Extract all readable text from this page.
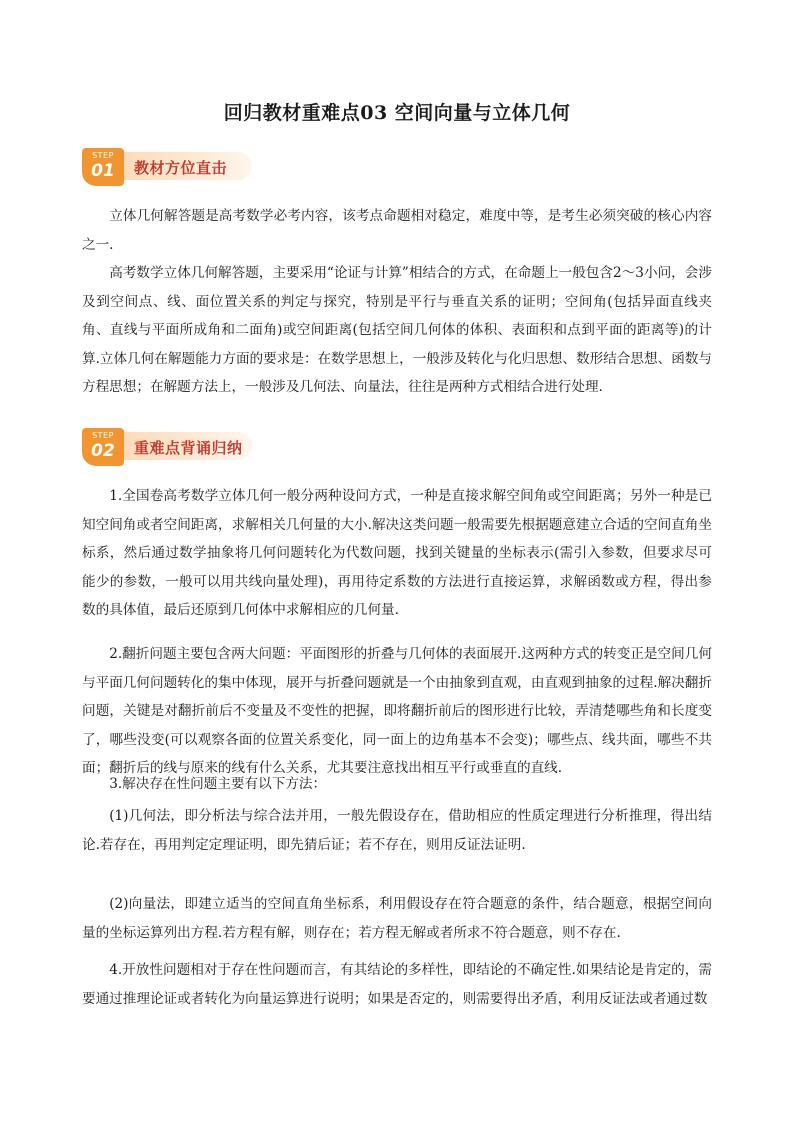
回归教材重难点03 空间向量与立体几何
STEP
01	教材方位直击

立体几何解答题是高考数学必考内容，该考点命题相对稳定，难度中等，是考生必须突破的核心内容之一.

高考数学立体几何解答题，主要采用“论证与计算”相结合的方式，在命题上一般包含2～3小问，会涉及到空间点、线、面位置关系的判定与探究，特别是平行与垂直关系的证明；空间角(包括异面直线夹角、直线与平面所成角和二面角)或空间距离(包括空间几何体的体积、表面积和点到平面的距离等)的计算.立体几何在解题能力方面的要求是：在数学思想上，一般涉及转化与化归思想、数形结合思想、函数与方程思想；在解题方法上，一般涉及几何法、向量法，往往是两种方式相结合进行处理.

STEP
02	重难点背诵归纳

1.全国卷高考数学立体几何一般分两种设问方式，一种是直接求解空间角或空间距离；另外一种是已知空间角或者空间距离，求解相关几何量的大小.解决这类问题一般需要先根据题意建立合适的空间直角坐标系，然后通过数学抽象将几何问题转化为代数问题，找到关键量的坐标表示(需引入参数，但要求尽可能少的参数，一般可以用共线向量处理)，再用待定系数的方法进行直接运算，求解函数或方程，得出参数的具体值，最后还原到几何体中求解相应的几何量.

2.翻折问题主要包含两大问题：平面图形的折叠与几何体的表面展开.这两种方式的转变正是空间几何与平面几何问题转化的集中体现，展开与折叠问题就是一个由抽象到直观，由直观到抽象的过程.解决翻折问题，关键是对翻折前后不变量及不变性的把握，即将翻折前后的图形进行比较，弄清楚哪些角和长度变了，哪些没变(可以观察各面的位置关系变化，同一面上的边角基本不会变)；哪些点、线共面，哪些不共面；翻折后的线与原来的线有什么关系，尤其要注意找出相互平行或垂直的直线.

3.解决存在性问题主要有以下方法：

(1)几何法，即分析法与综合法并用，一般先假设存在，借助相应的性质定理进行分析推理，得出结论.若存在，再用判定定理证明，即先猜后证；若不存在，则用反证法证明.

(2)向量法，即建立适当的空间直角坐标系，利用假设存在符合题意的条件，结合题意，根据空间向量的坐标运算列出方程.若方程有解，则存在；若方程无解或者所求不符合题意，则不存在.

4.开放性问题相对于存在性问题而言，有其结论的多样性，即结论的不确定性.如果结论是肯定的，需要通过推理论证或者转化为向量运算进行说明；如果是否定的，则需要得出矛盾，利用反证法或者通过数
